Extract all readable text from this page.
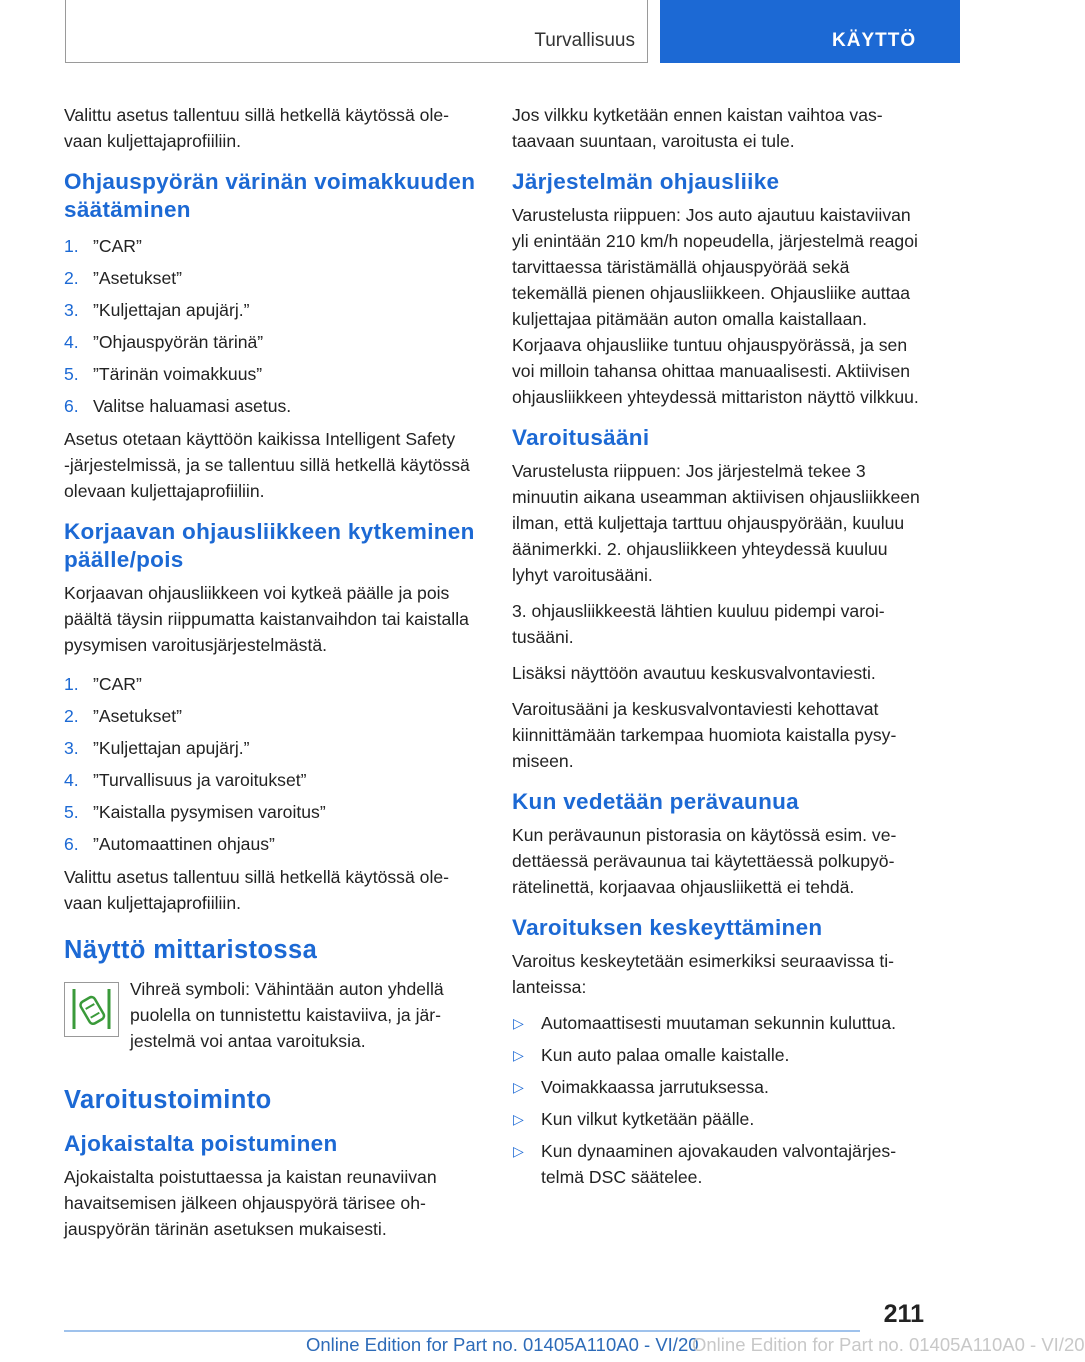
Turvallisuus	KÄYTTÖ

Valittu asetus tallentuu sillä hetkellä käytössä olevaan kuljettajaprofiiliin.

Ohjauspyörän värinän voimakkuuden säätäminen
1. ”CAR”
2. ”Asetukset”
3. ”Kuljettajan apujärj.”
4. ”Ohjauspyörän tärinä”
5. ”Tärinän voimakkuus”
6. Valitse haluamasi asetus.

Asetus otetaan käyttöön kaikissa Intelligent Safety ‑järjestelmissä, ja se tallentuu sillä hetkellä käytössä olevaan kuljettajaprofiiliin.

Korjaavan ohjausliikkeen kytkeminen päälle/pois

Korjaavan ohjausliikkeen voi kytkeä päälle ja pois päältä täysin riippumatta kaistanvaihdon tai kaistalla pysymisen varoitusjärjestelmästä.

1. ”CAR”
2. ”Asetukset”
3. ”Kuljettajan apujärj.”
4. ”Turvallisuus ja varoitukset”
5. ”Kaistalla pysymisen varoitus”
6. ”Automaattinen ohjaus”

Valittu asetus tallentuu sillä hetkellä käytössä olevaan kuljettajaprofiiliin.

Näyttö mittaristossa

Vihreä symboli: Vähintään auton yhdellä puolella on tunnistettu kaistaviiva, ja järjestelmä voi antaa varoituksia.

Varoitustoiminto
Ajokaistalta poistuminen

Ajokaistalta poistuttaessa ja kaistan reunaviivan havaitsemisen jälkeen ohjauspyörä tärisee ohjauspyörän tärinän asetuksen mukaisesti.

Jos vilkku kytketään ennen kaistan vaihtoa vastaavaan suuntaan, varoitusta ei tule.

Järjestelmän ohjausliike

Varustelusta riippuen: Jos auto ajautuu kaistaviivan yli enintään 210 km/h nopeudella, järjestelmä reagoi tarvittaessa täristämällä ohjauspyörää sekä tekemällä pienen ohjausliikkeen. Ohjausliike auttaa kuljettajaa pitämään auton omalla kaistallaan. Korjaava ohjausliike tuntuu ohjauspyörässä, ja sen voi milloin tahansa ohittaa manuaalisesti. Aktiivisen ohjausliikkeen yhteydessä mittariston näyttö vilkkuu.

Varoitusääni

Varustelusta riippuen: Jos järjestelmä tekee 3 minuutin aikana useamman aktiivisen ohjausliikkeen ilman, että kuljettaja tarttuu ohjauspyörään, kuuluu äänimerkki. 2. ohjausliikkeen yhteydessä kuuluu lyhyt varoitusääni.

3. ohjausliikkeestä lähtien kuuluu pidempi varoitusääni.

Lisäksi näyttöön avautuu keskusvalvontaviesti.

Varoitusääni ja keskusvalvontaviesti kehottavat kiinnittämään tarkempaa huomiota kaistalla pysymiseen.

Kun vedetään perävaunua

Kun perävaunun pistorasia on käytössä esim. vedettäessä perävaunua tai käytettäessä polkupyörätelinettä, korjaavaa ohjausliikettä ei tehdä.

Varoituksen keskeyttäminen

Varoitus keskeytetään esimerkiksi seuraavissa tilanteissa:

▷ Automaattisesti muutaman sekunnin kuluttua.
▷ Kun auto palaa omalle kaistalle.
▷ Voimakkaassa jarrutuksessa.
▷ Kun vilkut kytketään päälle.
▷ Kun dynaaminen ajovakauden valvontajärjestelmä DSC säätelee.
211
Online Edition for Part no. 01405A110A0 - VI/20
Online Edition for Part no. 01405A110A0 - VI/20
